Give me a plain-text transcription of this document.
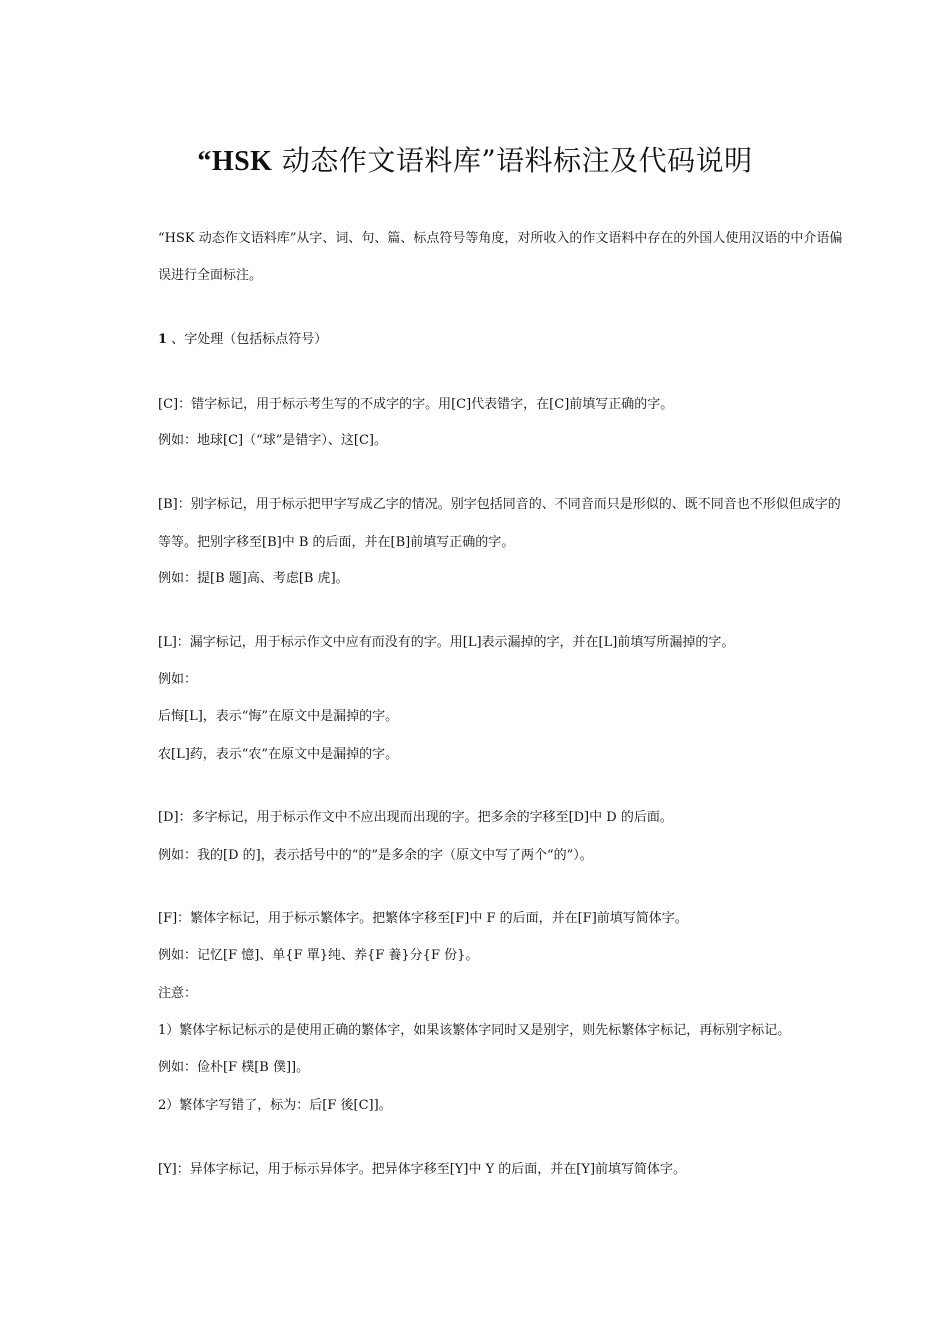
“HSK 动态作文语料库”语料标注及代码说明
“HSK 动态作文语料库”从字、词、句、篇、标点符号等角度，对所收入的作文语料中存在的外国人使用汉语的中介语偏
误进行全面标注。
1 、字处理（包括标点符号）
[C]：错字标记，用于标示考生写的不成字的字。用[C]代表错字，在[C]前填写正确的字。
例如：地球[C]（“球”是错字）、这[C]。
[B]：别字标记，用于标示把甲字写成乙字的情况。别字包括同音的、不同音而只是形似的、既不同音也不形似但成字的
等等。把别字移至[B]中 B 的后面，并在[B]前填写正确的字。
例如：提[B 题]高、考虑[B 虎]。
[L]：漏字标记，用于标示作文中应有而没有的字。用[L]表示漏掉的字，并在[L]前填写所漏掉的字。
例如：
后悔[L]，表示“悔”在原文中是漏掉的字。
农[L]药，表示“农”在原文中是漏掉的字。
[D]：多字标记，用于标示作文中不应出现而出现的字。把多余的字移至[D]中 D 的后面。
例如：我的[D 的]，表示括号中的“的”是多余的字（原文中写了两个“的”）。
[F]：繁体字标记，用于标示繁体字。把繁体字移至[F]中 F 的后面，并在[F]前填写简体字。
例如：记忆[F 憶]、单{F 單}纯、养{F 養}分{F 份}。
注意：
1）繁体字标记标示的是使用正确的繁体字，如果该繁体字同时又是别字，则先标繁体字标记，再标别字标记。
例如：俭朴[F 樸[B 僕]]。
2）繁体字写错了，标为：后[F 後[C]]。
[Y]：异体字标记，用于标示异体字。把异体字移至[Y]中 Y 的后面，并在[Y]前填写简体字。
